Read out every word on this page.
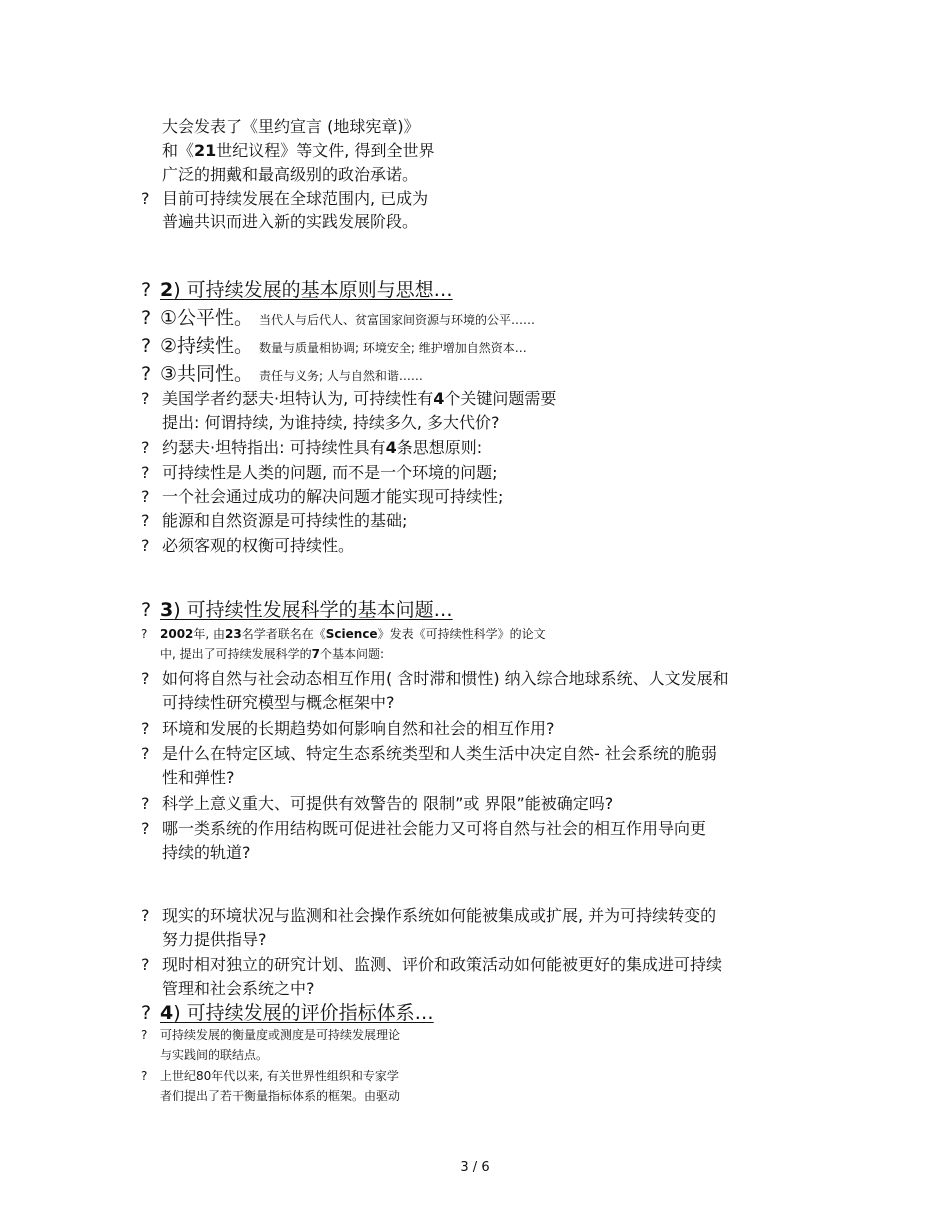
大会发表了《里约宣言 (地球宪章)》
和《21世纪议程》等文件, 得到全世界
广泛的拥戴和最高级别的政治承诺。
? 目前可持续发展在全球范围内, 已成为
普遍共识而进入新的实践发展阶段。
? 2) 可持续发展的基本原则与思想…
? ①公平性。 当代人与后代人、贫富国家间资源与环境的公平……
? ②持续性。 数量与质量相协调; 环境安全; 维护增加自然资本…
? ③共同性。 责任与义务; 人与自然和谐……
? 美国学者约瑟夫·坦特认为, 可持续性有4个关键问题需要
提出: 何谓持续, 为谁持续, 持续多久, 多大代价?
? 约瑟夫·坦特指出: 可持续性具有4条思想原则:
? 可持续性是人类的问题, 而不是一个环境的问题;
? 一个社会通过成功的解决问题才能实现可持续性;
? 能源和自然资源是可持续性的基础;
? 必须客观的权衡可持续性。
? 3) 可持续性发展科学的基本问题…
? 2002年, 由23名学者联名在《Science》发表《可持续性科学》的论文
中, 提出了可持续发展科学的7个基本问题:
? 如何将自然与社会动态相互作用( 含时滞和惯性) 纳入综合地球系统、人文发展和
可持续性研究模型与概念框架中?
? 环境和发展的长期趋势如何影响自然和社会的相互作用?
? 是什么在特定区域、特定生态系统类型和人类生活中决定自然- 社会系统的脆弱
性和弹性?
? 科学上意义重大、可提供有效警告的 限制”或 界限”能被确定吗?
? 哪一类系统的作用结构既可促进社会能力又可将自然与社会的相互作用导向更
持续的轨道?
? 现实的环境状况与监测和社会操作系统如何能被集成或扩展, 并为可持续转变的
努力提供指导?
? 现时相对独立的研究计划、监测、评价和政策活动如何能被更好的集成进可持续
管理和社会系统之中?
? 4) 可持续发展的评价指标体系…
? 可持续发展的衡量度或测度是可持续发展理论
与实践间的联结点。
? 上世纪80年代以来, 有关世界性组织和专家学
者们提出了若干衡量指标体系的框架。由驱动
3 / 6
